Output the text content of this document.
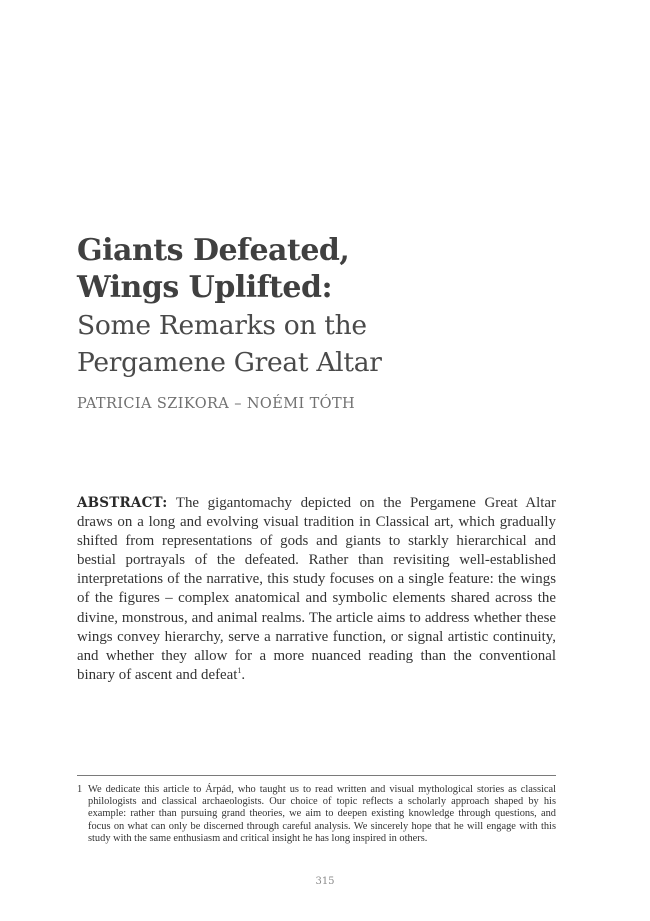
Giants Defeated,
Wings Uplifted:
Some Remarks on the
Pergamene Great Altar
PATRICIA SZIKORA – NOÉMI TÓTH

ABSTRACT: The gigantomachy depicted on the Pergamene Great Altar draws on a long and evolving visual tradition in Classical art, which gradually shifted from representations of gods and giants to starkly hierarchical and bestial portrayals of the defeated. Rather than revisiting well-established interpretations of the narrative, this study focuses on a single feature: the wings of the figures – complex anatomical and symbolic elements shared across the divine, monstrous, and animal realms. The article aims to address whether these wings convey hierarchy, serve a narrative function, or signal artistic continuity, and whether they allow for a more nuanced reading than the conventional binary of ascent and defeat$^1$.

1 We dedicate this article to Árpád, who taught us to read written and visual mythological stories as classical philologists and classical archaeologists. Our choice of topic reflects a scholarly approach shaped by his example: rather than pursuing grand theories, we aim to deepen existing knowledge through questions, and focus on what can only be discerned through careful analysis. We sincerely hope that he will engage with this study with the same enthusiasm and critical insight he has long inspired in others.
315
